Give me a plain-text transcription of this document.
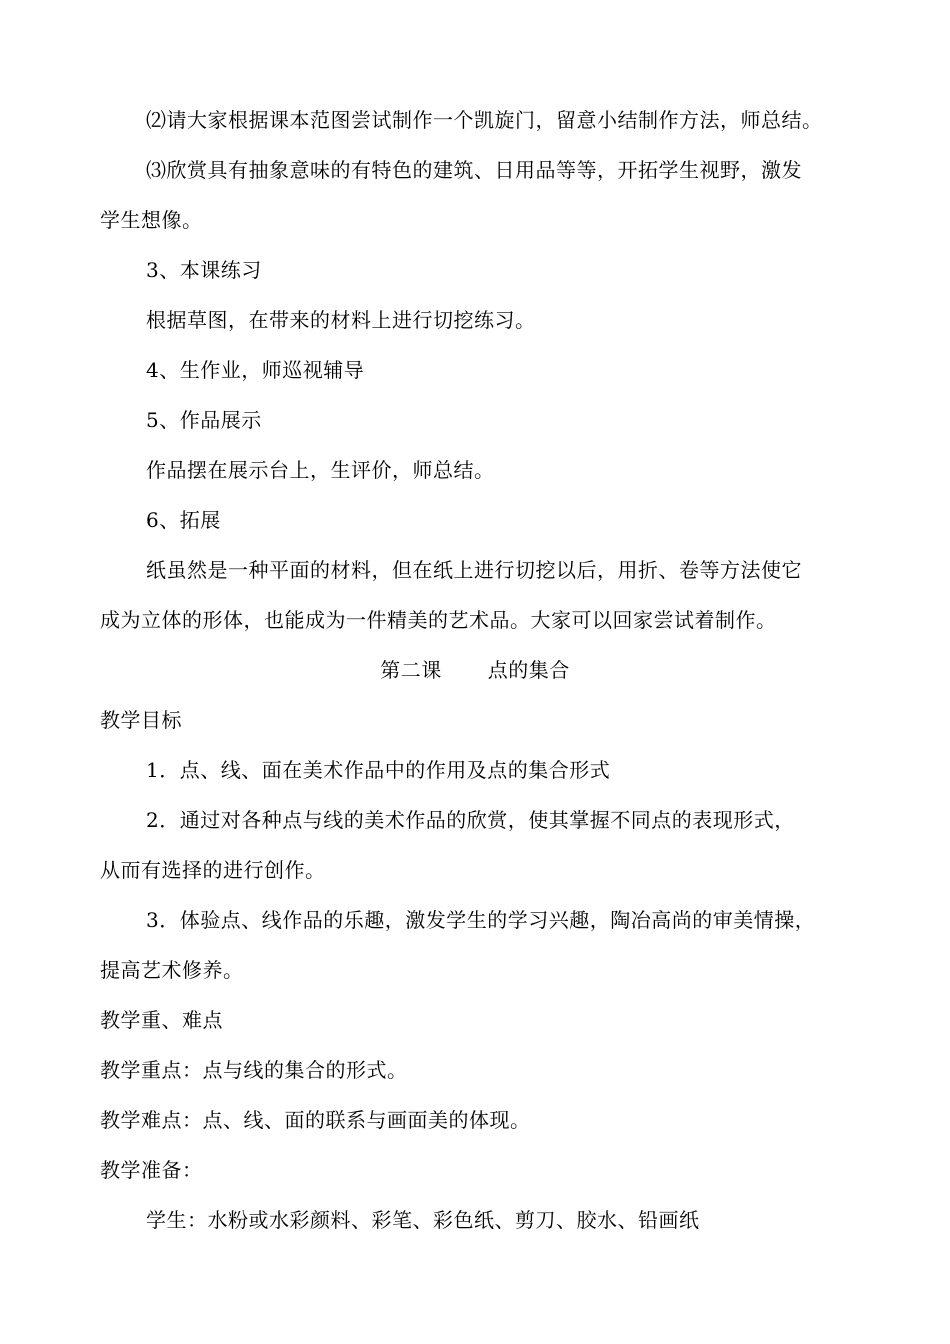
⑵请大家根据课本范图尝试制作一个凯旋门，留意小结制作方法，师总结。
⑶欣赏具有抽象意味的有特色的建筑、日用品等等，开拓学生视野，激发
学生想像。
3、本课练习
根据草图，在带来的材料上进行切挖练习。
4、生作业，师巡视辅导
5、作品展示
作品摆在展示台上，生评价，师总结。
6、拓展
纸虽然是一种平面的材料，但在纸上进行切挖以后，用折、卷等方法使它
成为立体的形体，也能成为一件精美的艺术品。大家可以回家尝试着制作。
第二课 点的集合
教学目标
1．点、线、面在美术作品中的作用及点的集合形式
2．通过对各种点与线的美术作品的欣赏，使其掌握不同点的表现形式，
从而有选择的进行创作。
3．体验点、线作品的乐趣，激发学生的学习兴趣，陶冶高尚的审美情操，
提高艺术修养。
教学重、难点
教学重点：点与线的集合的形式。
教学难点：点、线、面的联系与画面美的体现。
教学准备：
学生：水粉或水彩颜料、彩笔、彩色纸、剪刀、胶水、铅画纸
